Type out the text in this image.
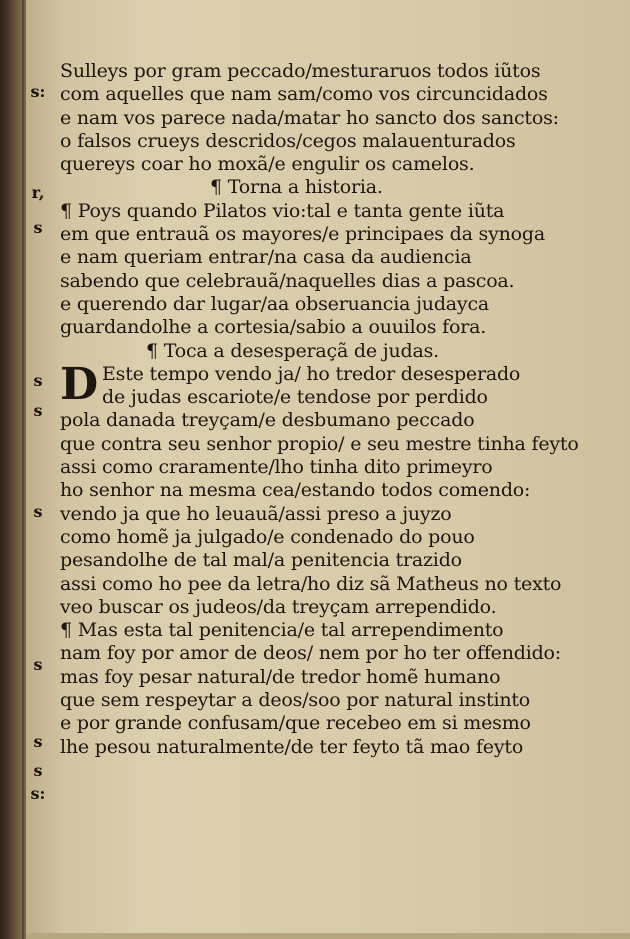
s:
r,
s
s
s
s
s
s
s
s:
Sulleys por gram peccado/mesturaruos todos iũtos
com aquelles que nam sam/como vos circuncidados
e nam vos parece nada/matar ho sancto dos sanctos:
o falsos crueys descridos/cegos malauenturados
quereys coar ho moxã/e engulir os camelos.
¶ Torna a historia.
¶ Poys quando Pilatos vio:tal e tanta gente iũta
em que entrauã os mayores/e principaes da synoga
e nam queriam entrar/na casa da audiencia
sabendo que celebrauã/naquelles dias a pascoa.
e querendo dar lugar/aa obseruancia judayca
guardandolhe a cortesia/sabio a ouuilos fora.
¶ Toca a desesperaçã de judas.
D Este tempo vendo ja/ ho tredor desesperado
de judas escariote/e tendose por perdido
pola danada treyçam/e desbumano peccado
que contra seu senhor propio/ e seu mestre tinha feyto
assi como craramente/lho tinha dito primeyro
ho senhor na mesma cea/estando todos comendo:
vendo ja que ho leuauã/assi preso a juyzo
como homẽ ja julgado/e condenado do pouo
pesandolhe de tal mal/a penitencia trazido
assi como ho pee da letra/ho diz sã Matheus no texto
veo buscar os judeos/da treyçam arrependido.
¶ Mas esta tal penitencia/e tal arrependimento
nam foy por amor de deos/ nem por ho ter offendido:
mas foy pesar natural/de tredor homẽ humano
que sem respeytar a deos/soo por natural instinto
e por grande confusam/que recebeo em si mesmo
lhe pesou naturalmente/de ter feyto tã mao feyto
